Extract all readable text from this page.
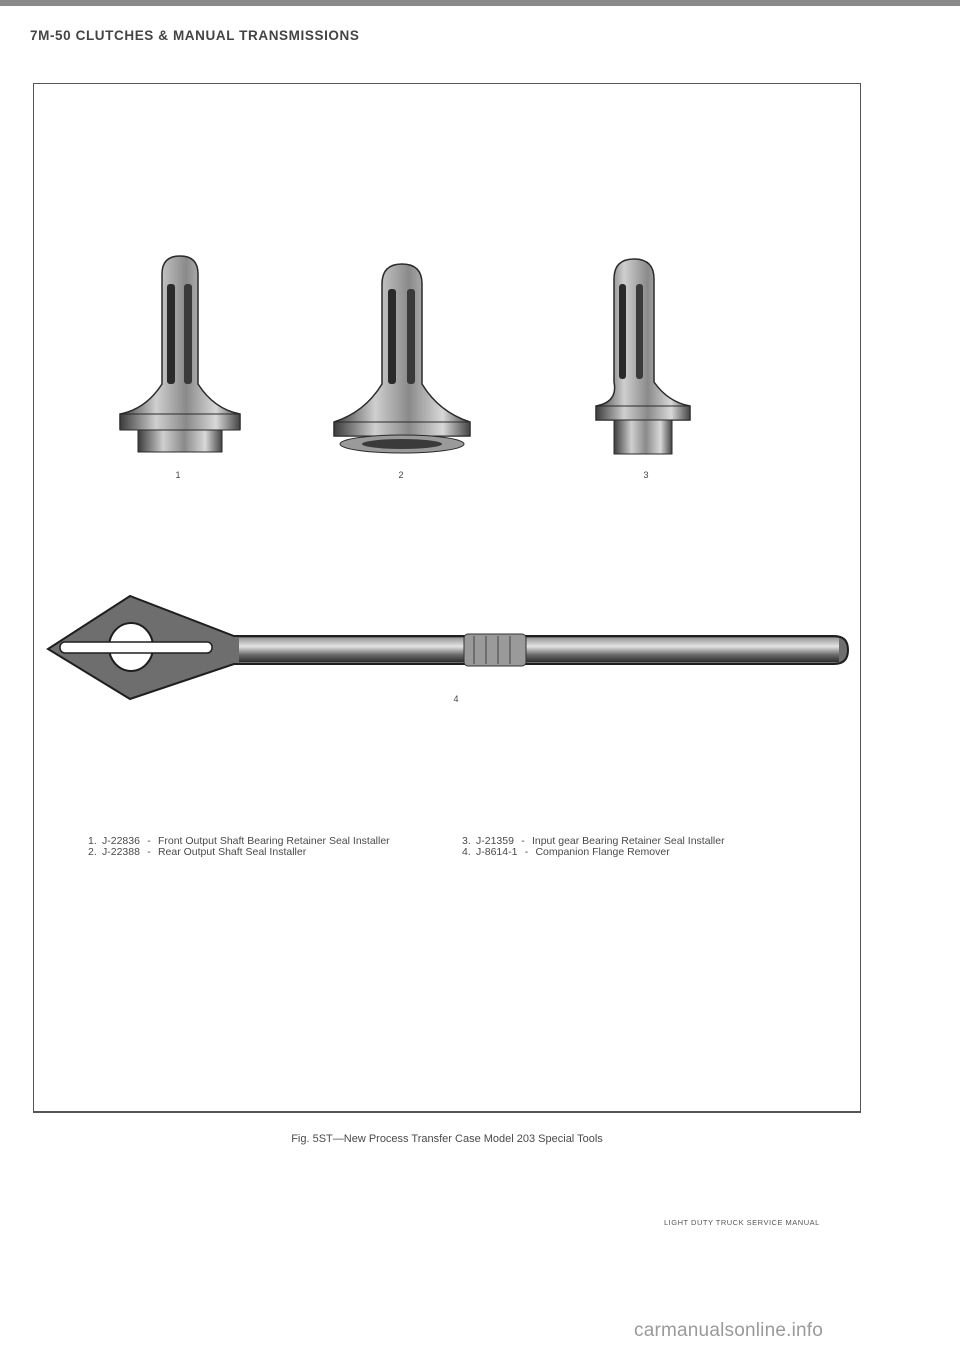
7M-50 CLUTCHES & MANUAL TRANSMISSIONS
1	2	3
4
1. J-22836 - Front Output Shaft Bearing Retainer Seal Installer
2. J-22388 - Rear Output Shaft Seal Installer
3. J-21359 - Input gear Bearing Retainer Seal Installer
4. J-8614-1 - Companion Flange Remover
Fig. 5ST—New Process Transfer Case Model 203 Special Tools
LIGHT DUTY TRUCK SERVICE MANUAL
carmanualsonline.info
